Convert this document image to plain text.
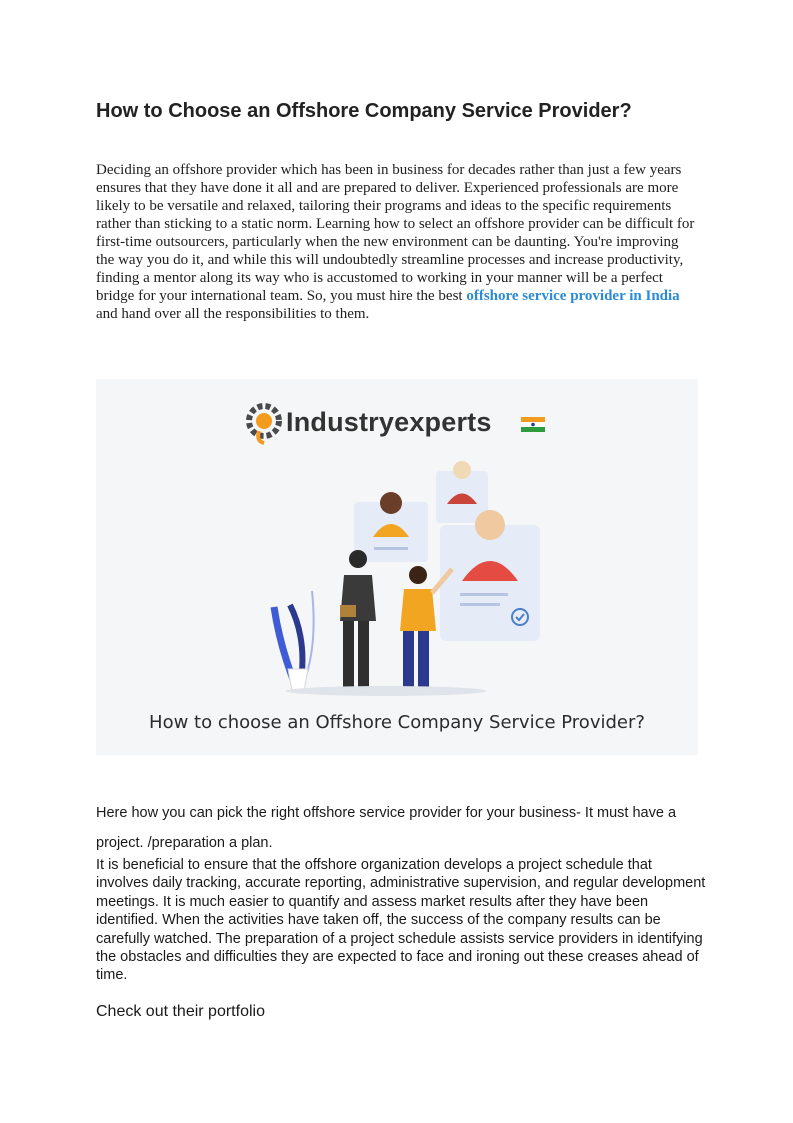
How to Choose an Offshore Company Service Provider?

Deciding an offshore provider which has been in business for decades rather than just a few years ensures that they have done it all and are prepared to deliver. Experienced professionals are more likely to be versatile and relaxed, tailoring their programs and ideas to the specific requirements rather than sticking to a static norm. Learning how to select an offshore provider can be difficult for first-time outsourcers, particularly when the new environment can be daunting. You're improving the way you do it, and while this will undoubtedly streamline processes and increase productivity, finding a mentor along its way who is accustomed to working in your manner will be a perfect bridge for your international team. So, you must hire the best offshore service provider in India and hand over all the responsibilities to them.

Industryexperts
How to choose an Offshore Company Service Provider?

Here how you can pick the right offshore service provider for your business- It must have a project. /preparation a plan.

It is beneficial to ensure that the offshore organization develops a project schedule that involves daily tracking, accurate reporting, administrative supervision, and regular development meetings. It is much easier to quantify and assess market results after they have been identified. When the activities have taken off, the success of the company results can be carefully watched. The preparation of a project schedule assists service providers in identifying the obstacles and difficulties they are expected to face and ironing out these creases ahead of time.

Check out their portfolio
